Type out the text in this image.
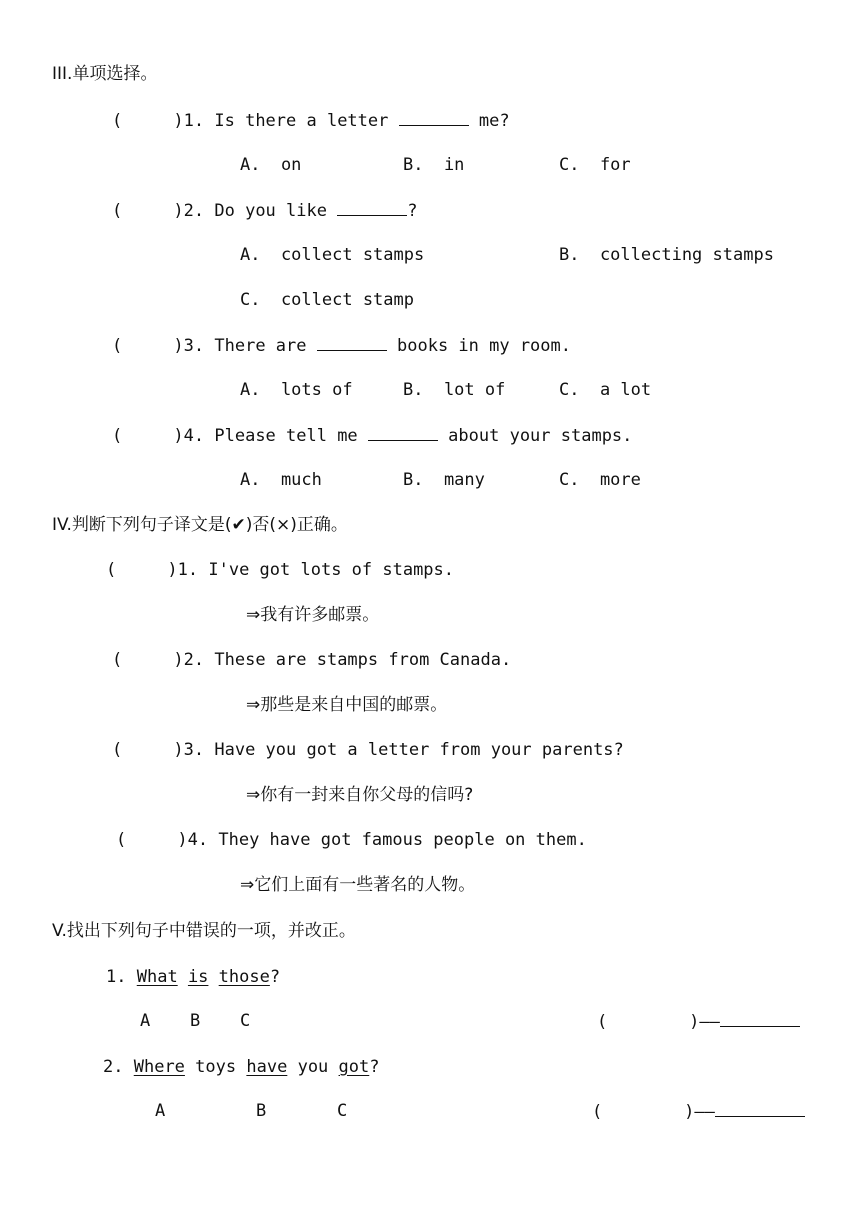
III.单项选择。
(     )1. Is there a letter	me?
A.  on	B.  in	C.  for
(     )2. Do you like	?
A.  collect stamps	B.  collecting stamps
C.  collect stamp
(     )3. There are	books in my room.
A.  lots of	B.  lot of	C.  a lot
(     )4. Please tell me	about your stamps.
A.  much	B.  many	C.  more
IV.判断下列句子译文是(✔)否(×)正确。
(     )1. I've got lots of stamps.
⇒我有许多邮票。
(     )2. These are stamps from Canada.
⇒那些是来自中国的邮票。
(     )3. Have you got a letter from your parents?
⇒你有一封来自你父母的信吗?
(     )4. They have got famous people on them.
⇒它们上面有一些著名的人物。
V.找出下列句子中错误的一项，并改正。
1. What is those?
A B C	(        )——
2. Where toys have you got?
A	B	C	(        )——
